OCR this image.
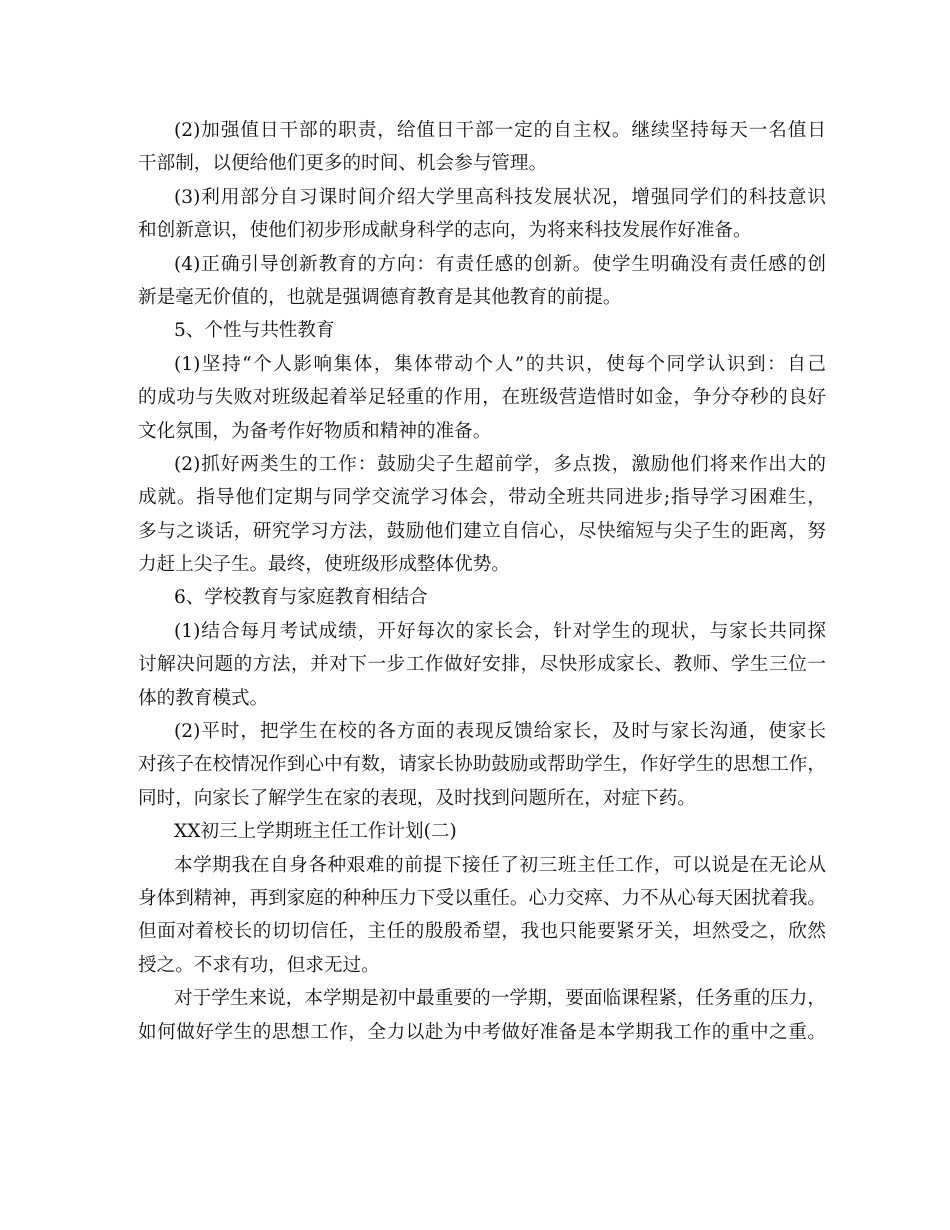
(2)加强值日干部的职责，给值日干部一定的自主权。继续坚持每天一名值日
干部制，以便给他们更多的时间、机会参与管理。
(3)利用部分自习课时间介绍大学里高科技发展状况，增强同学们的科技意识
和创新意识，使他们初步形成献身科学的志向，为将来科技发展作好准备。
(4)正确引导创新教育的方向：有责任感的创新。使学生明确没有责任感的创
新是毫无价值的，也就是强调德育教育是其他教育的前提。
5、个性与共性教育
(1)坚持“个人影响集体，集体带动个人”的共识，使每个同学认识到：自己
的成功与失败对班级起着举足轻重的作用，在班级营造惜时如金，争分夺秒的良好
文化氛围，为备考作好物质和精神的准备。
(2)抓好两类生的工作：鼓励尖子生超前学，多点拨，激励他们将来作出大的
成就。指导他们定期与同学交流学习体会，带动全班共同进步;指导学习困难生，
多与之谈话，研究学习方法，鼓励他们建立自信心，尽快缩短与尖子生的距离，努
力赶上尖子生。最终，使班级形成整体优势。
6、学校教育与家庭教育相结合
(1)结合每月考试成绩，开好每次的家长会，针对学生的现状，与家长共同探
讨解决问题的方法，并对下一步工作做好安排，尽快形成家长、教师、学生三位一
体的教育模式。
(2)平时，把学生在校的各方面的表现反馈给家长，及时与家长沟通，使家长
对孩子在校情况作到心中有数，请家长协助鼓励或帮助学生，作好学生的思想工作，
同时，向家长了解学生在家的表现，及时找到问题所在，对症下药。
XX初三上学期班主任工作计划(二)
本学期我在自身各种艰难的前提下接任了初三班主任工作，可以说是在无论从
身体到精神，再到家庭的种种压力下受以重任。心力交瘁、力不从心每天困扰着我。
但面对着校长的切切信任，主任的殷殷希望，我也只能要紧牙关，坦然受之，欣然
授之。不求有功，但求无过。
对于学生来说，本学期是初中最重要的一学期，要面临课程紧，任务重的压力，
如何做好学生的思想工作，全力以赴为中考做好准备是本学期我工作的重中之重。
